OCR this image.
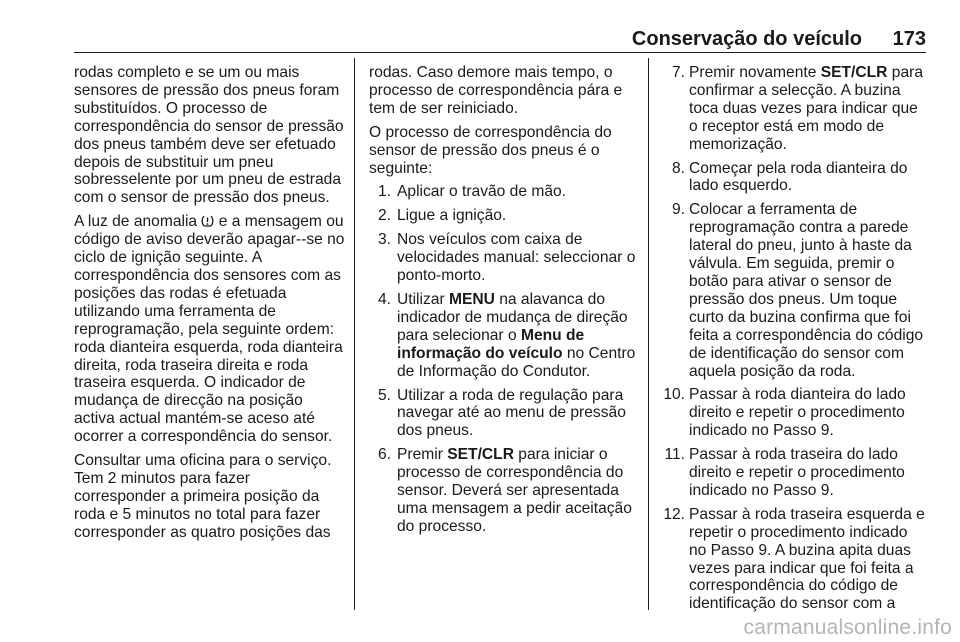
Conservação do veículo 173

rodas completo e se um ou mais sensores de pressão dos pneus foram substituídos. O processo de correspondência do sensor de pressão dos pneus também deve ser efetuado depois de substituir um pneu sobresselente por um pneu de estrada com o sensor de pressão dos pneus.

A luz de anomalia  e a mensagem ou código de aviso deverão apagar--se no ciclo de ignição seguinte. A correspondência dos sensores com as posições das rodas é efetuada utilizando uma ferramenta de reprogramação, pela seguinte ordem: roda dianteira esquerda, roda dianteira direita, roda traseira direita e roda traseira esquerda. O indicador de mudança de direcção na posição activa actual mantém-se aceso até ocorrer a correspondência do sensor.

Consultar uma oficina para o serviço. Tem 2 minutos para fazer corresponder a primeira posição da roda e 5 minutos no total para fazer corresponder as quatro posições das

rodas. Caso demore mais tempo, o processo de correspondência pára e tem de ser reiniciado.

O processo de correspondência do sensor de pressão dos pneus é o seguinte:

1. Aplicar o travão de mão.
2. Ligue a ignição.
3. Nos veículos com caixa de velocidades manual: seleccionar o ponto-morto.
4. Utilizar MENU na alavanca do indicador de mudança de direção para selecionar o Menu de informação do veículo no Centro de Informação do Condutor.
5. Utilizar a roda de regulação para navegar até ao menu de pressão dos pneus.
6. Premir SET/CLR para iniciar o processo de correspondência do sensor. Deverá ser apresentada uma mensagem a pedir aceitação do processo.
7. Premir novamente SET/CLR para confirmar a selecção. A buzina toca duas vezes para indicar que o receptor está em modo de memorização.
8. Começar pela roda dianteira do lado esquerdo.
9. Colocar a ferramenta de reprogramação contra a parede lateral do pneu, junto à haste da válvula. Em seguida, premir o botão para ativar o sensor de pressão dos pneus. Um toque curto da buzina confirma que foi feita a correspondência do código de identificação do sensor com aquela posição da roda.
10. Passar à roda dianteira do lado direito e repetir o procedimento indicado no Passo 9.
11. Passar à roda traseira do lado direito e repetir o procedimento indicado no Passo 9.
12. Passar à roda traseira esquerda e repetir o procedimento indicado no Passo 9. A buzina apita duas vezes para indicar que foi feita a correspondência do código de identificação do sensor com a
carmanualsonline.info
